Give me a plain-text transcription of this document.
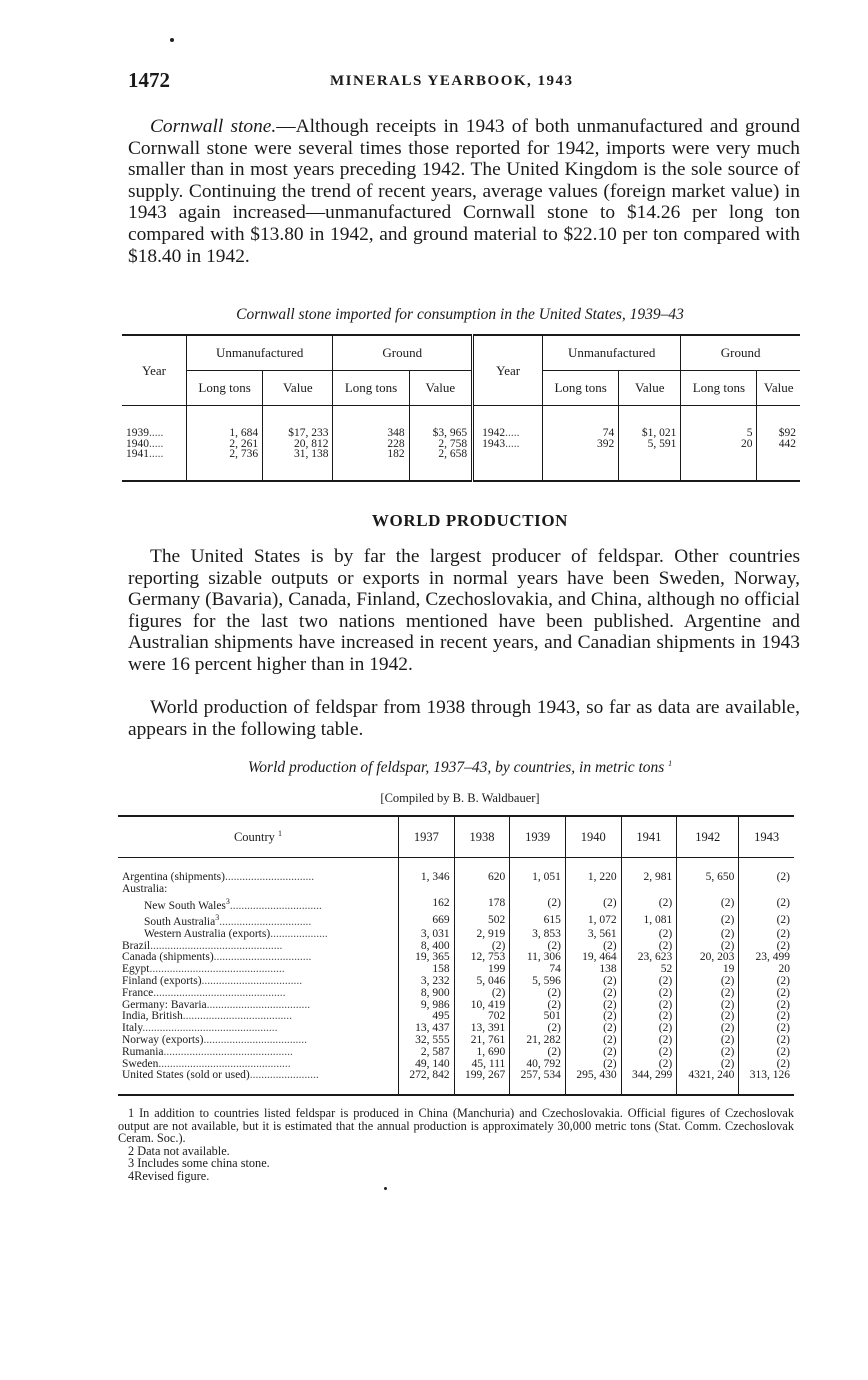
1472	MINERALS YEARBOOK, 1943

Cornwall stone.—Although receipts in 1943 of both unmanufactured and ground Cornwall stone were several times those reported for 1942, imports were very much smaller than in most years preceding 1942. The United Kingdom is the sole source of supply. Continuing the trend of recent years, average values (foreign market value) in 1943 again increased—unmanufactured Cornwall stone to $14.26 per long ton compared with $13.80 in 1942, and ground material to $22.10 per ton compared with $18.40 in 1942.

Cornwall stone imported for consumption in the United States, 1939–43

Year	Unmanufactured		Ground		Year	Unmanufactured		Ground	
	Long tons	Value	Long tons	Value		Long tons	Value	Long tons	Value
1939.....	1, 684	$17, 233	348	$3, 965	1942.....	74	$1, 021	5	$92
1940.....	2, 261	20, 812	228	2, 758	1943.....	392	5, 591	20	442
1941.....	2, 736	31, 138	182	2, 658					
WORLD PRODUCTION

The United States is by far the largest producer of feldspar. Other countries reporting sizable outputs or exports in normal years have been Sweden, Norway, Germany (Bavaria), Canada, Finland, Czechoslovakia, and China, although no official figures for the last two nations mentioned have been published. Argentine and Australian shipments have increased in recent years, and Canadian shipments in 1943 were 16 percent higher than in 1942.

World production of feldspar from 1938 through 1943, so far as data are available, appears in the following table.

World production of feldspar, 1937–43, by countries, in metric tons $^1$

[Compiled by B. B. Waldbauer]

Country $^1$	1937	1938	1939	1940	1941	1942	1943
Argentina (shipments)...............................	1, 346	620	1, 051	1, 220	2, 981	5, 650	(2)
Australia:							
New South Wales$^3$................................	162	178	(2)	(2)	(2)	(2)	(2)
South Australia$^3$................................	669	502	615	1, 072	1, 081	(2)	(2)
Western Australia (exports)....................	3, 031	2, 919	3, 853	3, 561	(2)	(2)	(2)
Brazil..............................................	8, 400	(2)	(2)	(2)	(2)	(2)	(2)
Canada (shipments)..................................	19, 365	12, 753	11, 306	19, 464	23, 623	20, 203	23, 499
Egypt...............................................	158	199	74	138	52	19	20
Finland (exports)...................................	3, 232	5, 046	5, 596	(2)	(2)	(2)	(2)
France..............................................	8, 900	(2)	(2)	(2)	(2)	(2)	(2)
Germany: Bavaria....................................	9, 986	10, 419	(2)	(2)	(2)	(2)	(2)
India, British......................................	495	702	501	(2)	(2)	(2)	(2)
Italy...............................................	13, 437	13, 391	(2)	(2)	(2)	(2)	(2)
Norway (exports)....................................	32, 555	21, 761	21, 282	(2)	(2)	(2)	(2)
Rumania.............................................	2, 587	1, 690	(2)	(2)	(2)	(2)	(2)
Sweden..............................................	49, 140	45, 111	40, 792	(2)	(2)	(2)	(2)
United States (sold or used)........................	272, 842	199, 267	257, 534	295, 430	344, 299	4321, 240	313, 126

1 In addition to countries listed feldspar is produced in China (Manchuria) and Czechoslovakia. Official figures of Czechoslovak output are not available, but it is estimated that the annual production is approximately 30,000 metric tons (Stat. Comm. Czechoslovak Ceram. Soc.).

2 Data not available.

3 Includes some china stone.

4Revised figure.
